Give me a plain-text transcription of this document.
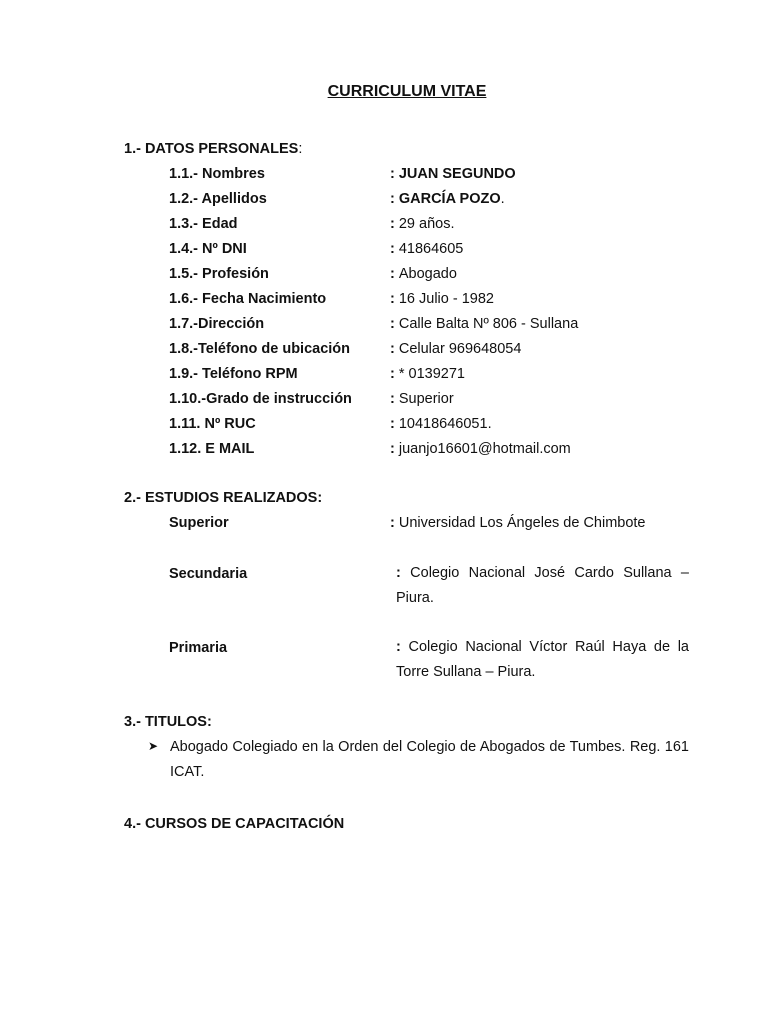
CURRICULUM VITAE
1.- DATOS PERSONALES:
1.1.- Nombres	: JUAN SEGUNDO
1.2.- Apellidos	: GARCÍA POZO.
1.3.- Edad	: 29 años.
1.4.- Nº DNI	: 41864605
1.5.- Profesión	: Abogado
1.6.- Fecha Nacimiento	: 16 Julio - 1982
1.7.-Dirección	: Calle Balta Nº 806 - Sullana
1.8.-Teléfono de ubicación	: Celular 969648054
1.9.- Teléfono RPM	: * 0139271
1.10.-Grado de instrucción	: Superior
1.11. Nº RUC	: 10418646051.
1.12. E MAIL	: juanjo16601@hotmail.com
2.- ESTUDIOS REALIZADOS:
Superior	: Universidad Los Ángeles de Chimbote
Secundaria	: Colegio Nacional José Cardo Sullana – Piura.
Primaria	: Colegio Nacional Víctor Raúl Haya de la Torre Sullana – Piura.
3.- TITULOS:
➤ Abogado Colegiado en la Orden del Colegio de Abogados de Tumbes. Reg. 161 ICAT.
4.- CURSOS DE CAPACITACIÓN
